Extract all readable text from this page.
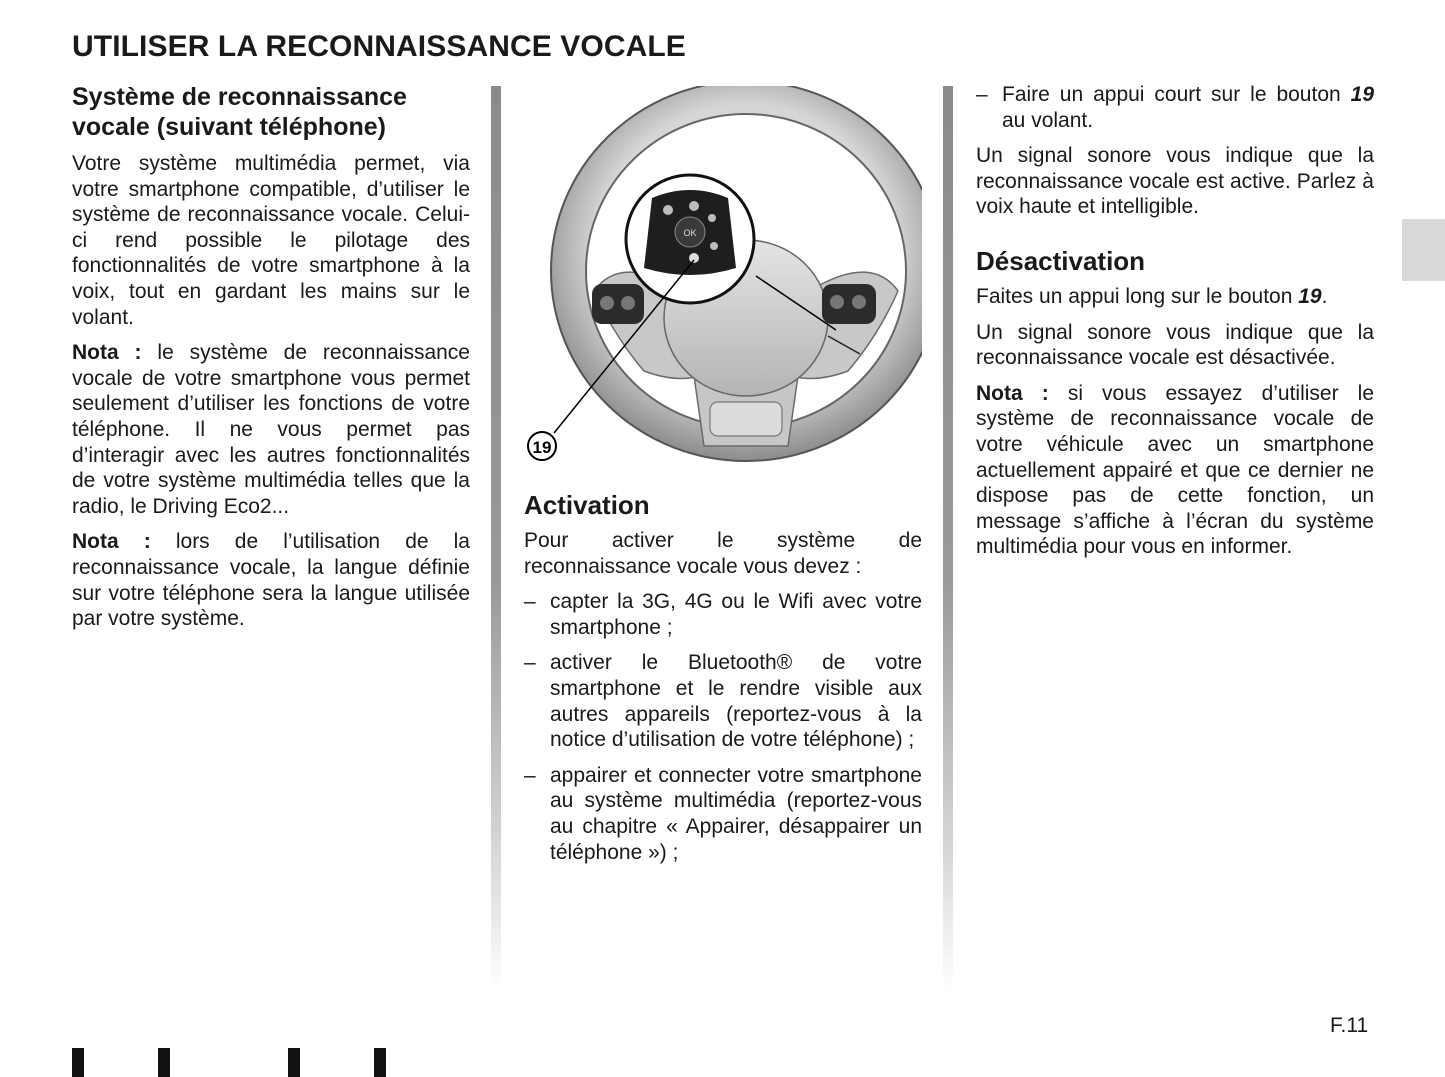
UTILISER LA RECONNAISSANCE VOCALE
Système de reconnaissance
vocale (suivant téléphone)

Votre système multimédia permet, via votre smartphone compatible, d’utiliser le système de reconnaissance vocale. Celui-ci rend possible le pilotage des fonctionnalités de votre smartphone à la voix, tout en gardant les mains sur le volant.

Nota : le système de reconnaissance vocale de votre smartphone vous permet seulement d’utiliser les fonctions de votre téléphone. Il ne vous permet pas d’interagir avec les autres fonctionnalités de votre système multimédia telles que la radio, le Driving Eco2...

Nota : lors de l’utilisation de la reconnaissance vocale, la langue définie sur votre téléphone sera la langue utilisée par votre système.

OK
19
Activation

Pour activer le système de reconnaissance vocale vous devez :

– capter la 3G, 4G ou le Wifi avec votre smartphone ;
– activer le Bluetooth® de votre smartphone et le rendre visible aux autres appareils (reportez-vous à la notice d’utilisation de votre téléphone) ;
– appairer et connecter votre smartphone au système multimédia (reportez-vous au chapitre « Appairer, désappairer un téléphone ») ;
– Faire un appui court sur le bouton 19 au volant.

Un signal sonore vous indique que la reconnaissance vocale est active. Parlez à voix haute et intelligible.

Désactivation

Faites un appui long sur le bouton 19.

Un signal sonore vous indique que la reconnaissance vocale est désactivée.

Nota : si vous essayez d’utiliser le système de reconnaissance vocale de votre véhicule avec un smartphone actuellement appairé et que ce dernier ne dispose pas de cette fonction, un message s’affiche à l’écran du système multimédia pour vous en informer.

F.11
